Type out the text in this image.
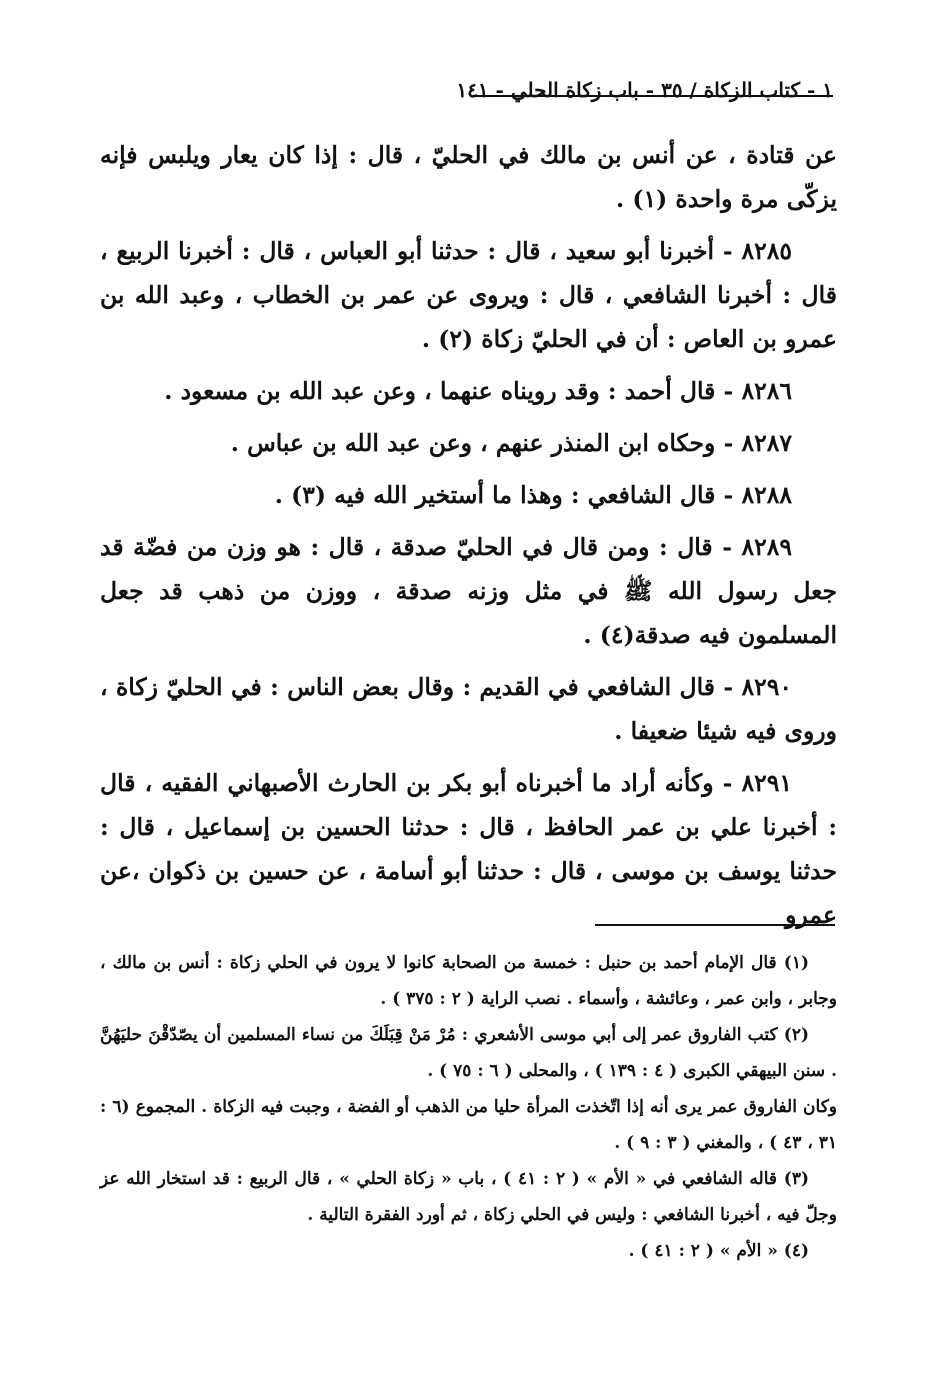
١ - كتاب الزكاة / ٣٥ - باب زكاة الحلي - ١٤١

عن قتادة ، عن أنس بن مالك في الحليّ ، قال : إذا كان يعار ويلبس فإنه يزكّى مرة واحدة (١) .

٨٢٨٥ - أخبرنا أبو سعيد ، قال : حدثنا أبو العباس ، قال : أخبرنا الربيع ، قال : أخبرنا الشافعي ، قال : ويروى عن عمر بن الخطاب ، وعبد الله بن عمرو بن العاص : أن في الحليّ زكاة (٢) .

٨٢٨٦ - قال أحمد : وقد رويناه عنهما ، وعن عبد الله بن مسعود .

٨٢٨٧ - وحكاه ابن المنذر عنهم ، وعن عبد الله بن عباس .

٨٢٨٨ - قال الشافعي : وهذا ما أستخير الله فيه (٣) .

٨٢٨٩ - قال : ومن قال في الحليّ صدقة ، قال : هو وزن من فضّة قد جعل رسول الله ﷺ في مثل وزنه صدقة ، ووزن من ذهب قد جعل المسلمون فيه صدقة(٤) .

٨٢٩٠ - قال الشافعي في القديم : وقال بعض الناس : في الحليّ زكاة ، وروى فيه شيئا ضعيفا .

٨٢٩١ - وكأنه أراد ما أخبرناه أبو بكر بن الحارث الأصبهاني الفقيه ، قال : أخبرنا علي بن عمر الحافظ ، قال : حدثنا الحسين بن إسماعيل ، قال : حدثنا يوسف بن موسى ، قال : حدثنا أبو أسامة ، عن حسين بن ذكوان ،عن عمرو

(١) قال الإمام أحمد بن حنبل : خمسة من الصحابة كانوا لا يرون في الحلي زكاة : أنس بن مالك ، وجابر ، وابن عمر ، وعائشة ، وأسماء . نصب الراية ( ٢ : ٣٧٥ ) .

(٢) كتب الفاروق عمر إلى أبي موسى الأشعري : مُرْ مَنْ قِبَلَكَ من نساء المسلمين أن يصّدّقْنَ حليَهُنَّ . سنن البيهقي الكبرى ( ٤ : ١٣٩ ) ، والمحلى ( ٦ : ٧٥ ) .

وكان الفاروق عمر يرى أنه إذا اتّخذت المرأة حليا من الذهب أو الفضة ، وجبت فيه الزكاة . المجموع (٦ : ٣١ ، ٤٣ ) ، والمغني ( ٣ : ٩ ) .

(٣) قاله الشافعي في « الأم » ( ٢ : ٤١ ) ، باب « زكاة الحلي » ، قال الربيع : قد استخار الله عز وجلّ فيه ، أخبرنا الشافعي : وليس في الحلي زكاة ، ثم أورد الفقرة التالية .

(٤) « الأم » ( ٢ : ٤١ ) .
